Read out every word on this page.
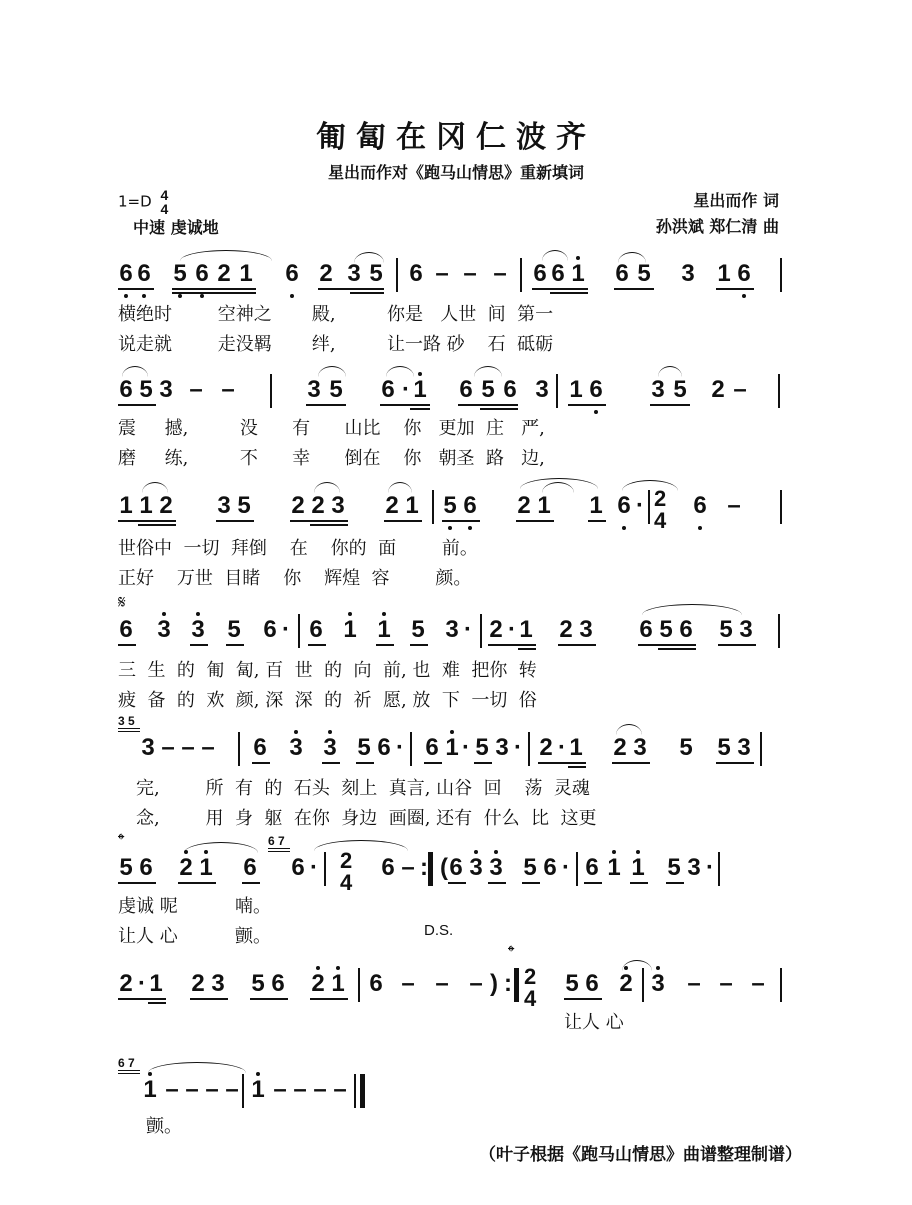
匍匐在冈仁波齐
星出而作对《跑马山情思》重新填词
1=D 4
4
中速 虔诚地
星出而作 词
孙洪斌 郑仁清 曲
6 6 5 6 2 1 6 2 3 5 6 – – – 6 6 1 6 5 3 1 6
横绝时        空神之       殿,         你是   人世  间  第一
说走就        走没羁       绊,         让一路 砂    石  砥砺
6 5 3 – –	3 5 6 · 1 6 5 6 3 1 6 3 5 2 –
震     撼,         没      有      山比    你   更加  庄   严,
磨     练,         不      幸      倒在    你   朝圣  路   边,
1 1 2 3 5 2 2 3 2 1 5 6 2 1 1 6 · 2
4
6 –
世俗中  一切  拜倒    在    你的  面        前。
正好    万世  目睹    你    辉煌  容        颜。
𝄋
6 3 3 5 6 · 6 1 1 5 3 · 2 · 1 2 3 6 5 6 5 3
三  生  的  匍  匐, 百  世  的  向  前, 也  难  把你  转
疲  备  的  欢  颜, 深  深  的  祈  愿, 放  下  一切  俗
3 5
3 – – – 6 3 3 5 6 · 6 1 · 5 3 · 2 · 1 2 3 5 5 3
完,        所  有  的  石头  刻上  真言, 山谷  回    荡  灵魂
念,        用  身  躯  在你  身边  画圈, 还有  什么  比  这更
𝄌
5 6 2 1 6
6 7
6 · 2
4
6 – : ( 6 3 3 5 6 · 6 1 1 5 3 ·
虔诚 呢          喃。
让人 心          颤。	D.S.
2 · 1 2 3 5 6 2 1 6 – – – ) :
𝄌
2
4
5 6 2 3 – – –
让人 心
6 7
1 – – – – 1 – – – –
颤。
（叶子根据《跑马山情思》曲谱整理制谱）
